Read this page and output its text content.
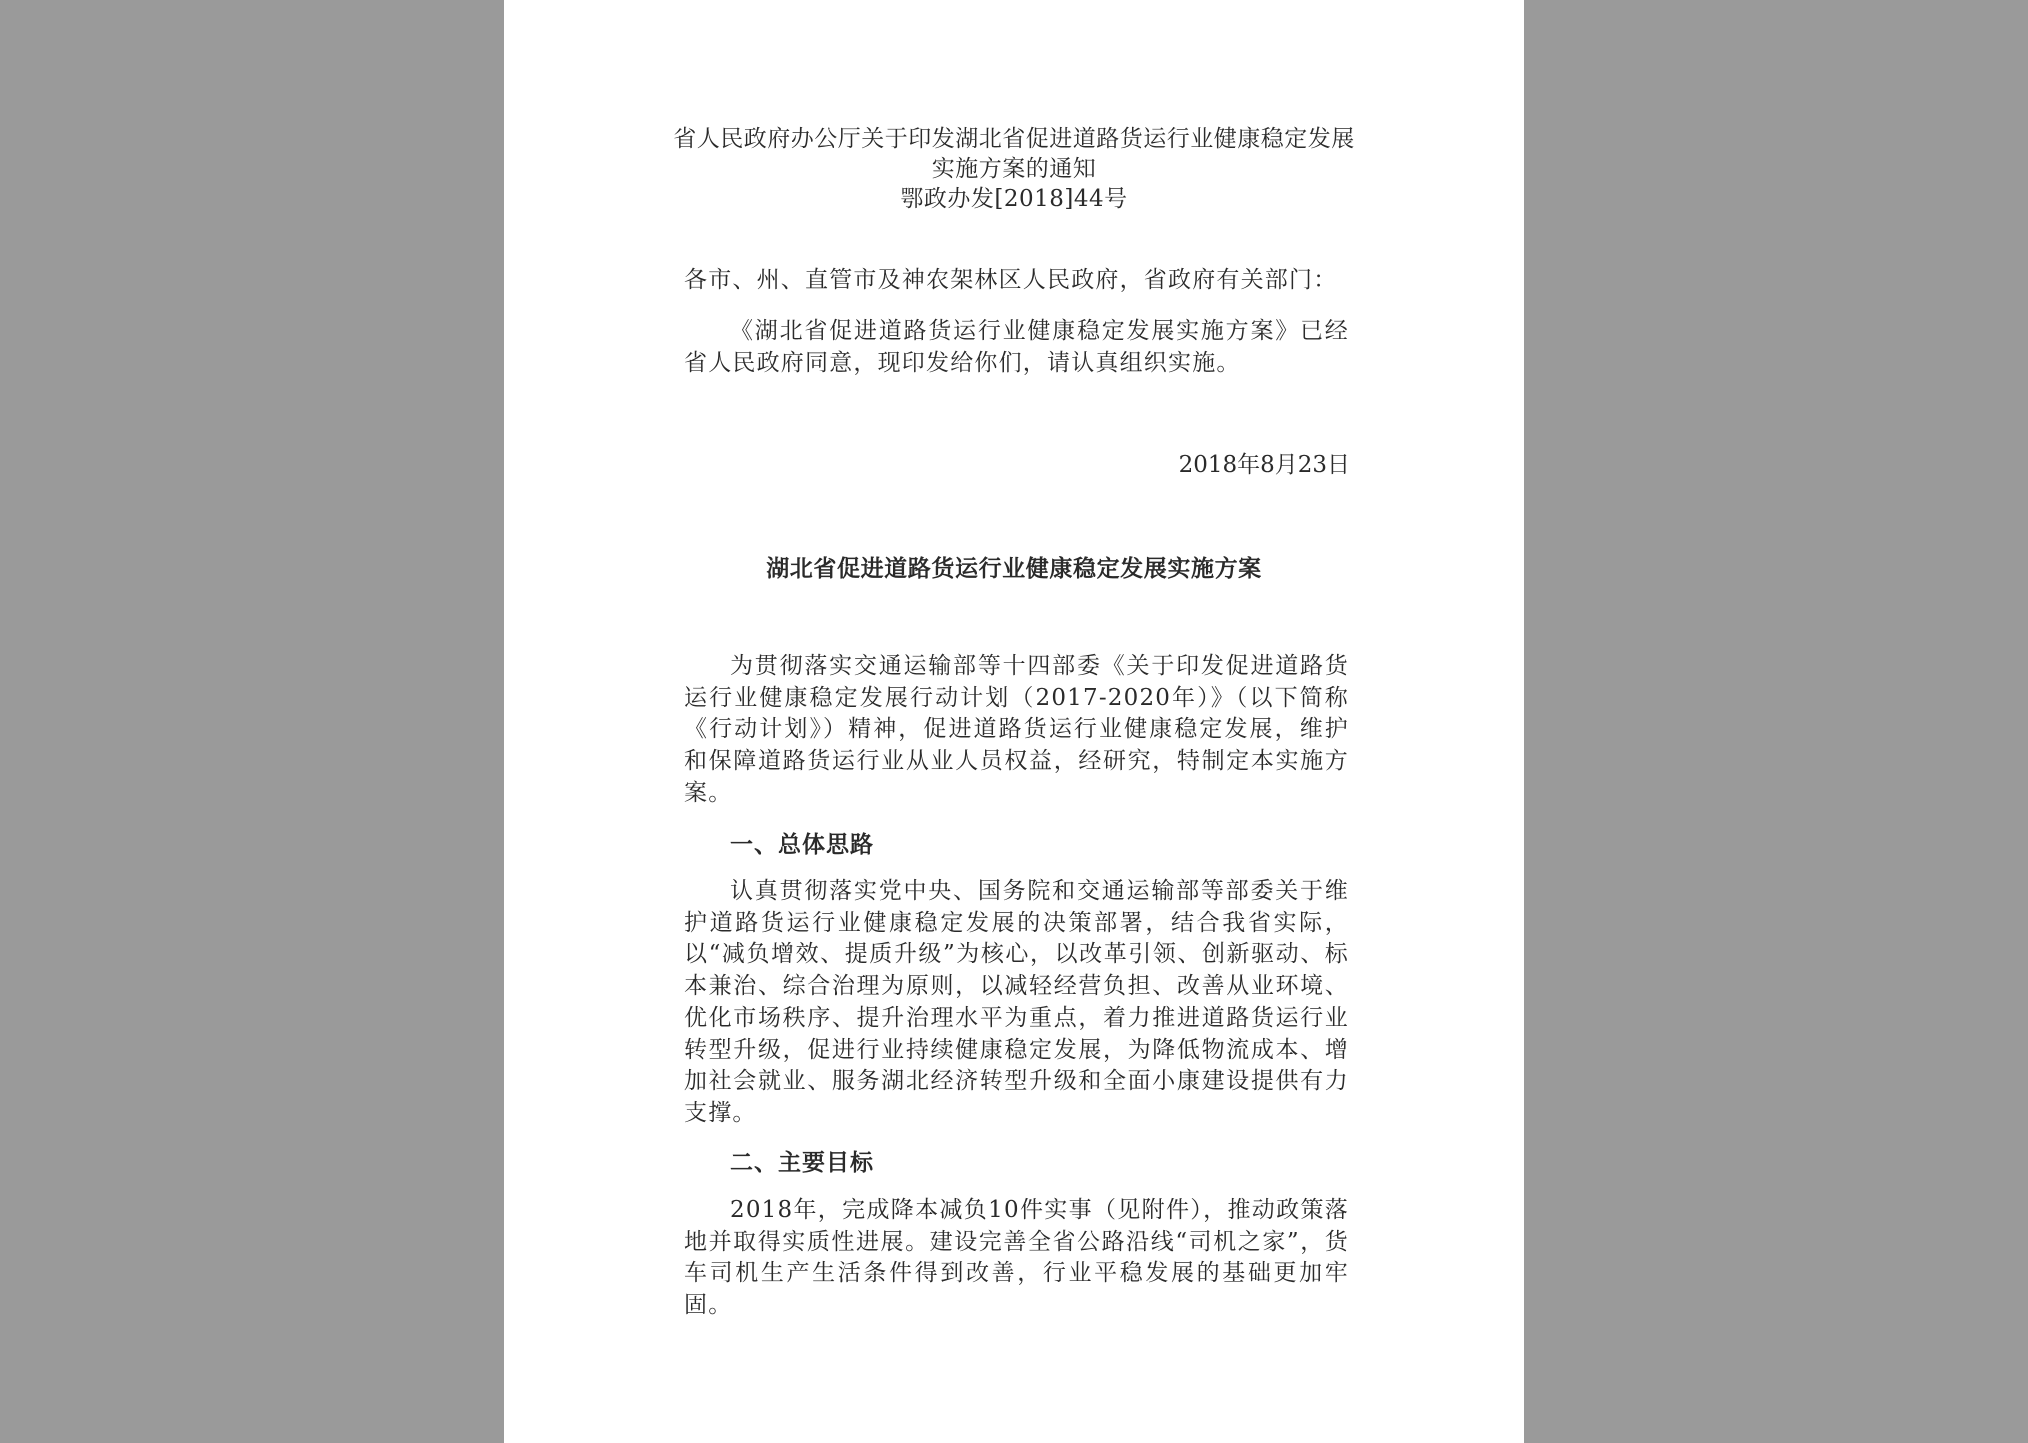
省人民政府办公厅关于印发湖北省促进道路货运行业健康稳定发展
实施方案的通知
鄂政办发[2018]44号
各市、州、直管市及神农架林区人民政府，省政府有关部门：
《湖北省促进道路货运行业健康稳定发展实施方案》已经省人民政府同意，现印发给你们，请认真组织实施。
2018年8月23日
湖北省促进道路货运行业健康稳定发展实施方案
为贯彻落实交通运输部等十四部委《关于印发促进道路货运行业健康稳定发展行动计划（2017-2020年）》（以下简称《行动计划》）精神，促进道路货运行业健康稳定发展，维护和保障道路货运行业从业人员权益，经研究，特制定本实施方案。
一、总体思路
认真贯彻落实党中央、国务院和交通运输部等部委关于维护道路货运行业健康稳定发展的决策部署，结合我省实际，以“减负增效、提质升级”为核心，以改革引领、创新驱动、标本兼治、综合治理为原则，以减轻经营负担、改善从业环境、优化市场秩序、提升治理水平为重点，着力推进道路货运行业转型升级，促进行业持续健康稳定发展，为降低物流成本、增加社会就业、服务湖北经济转型升级和全面小康建设提供有力支撑。
二、主要目标
2018年，完成降本减负10件实事（见附件），推动政策落地并取得实质性进展。建设完善全省公路沿线“司机之家”，货车司机生产生活条件得到改善，行业平稳发展的基础更加牢固。
